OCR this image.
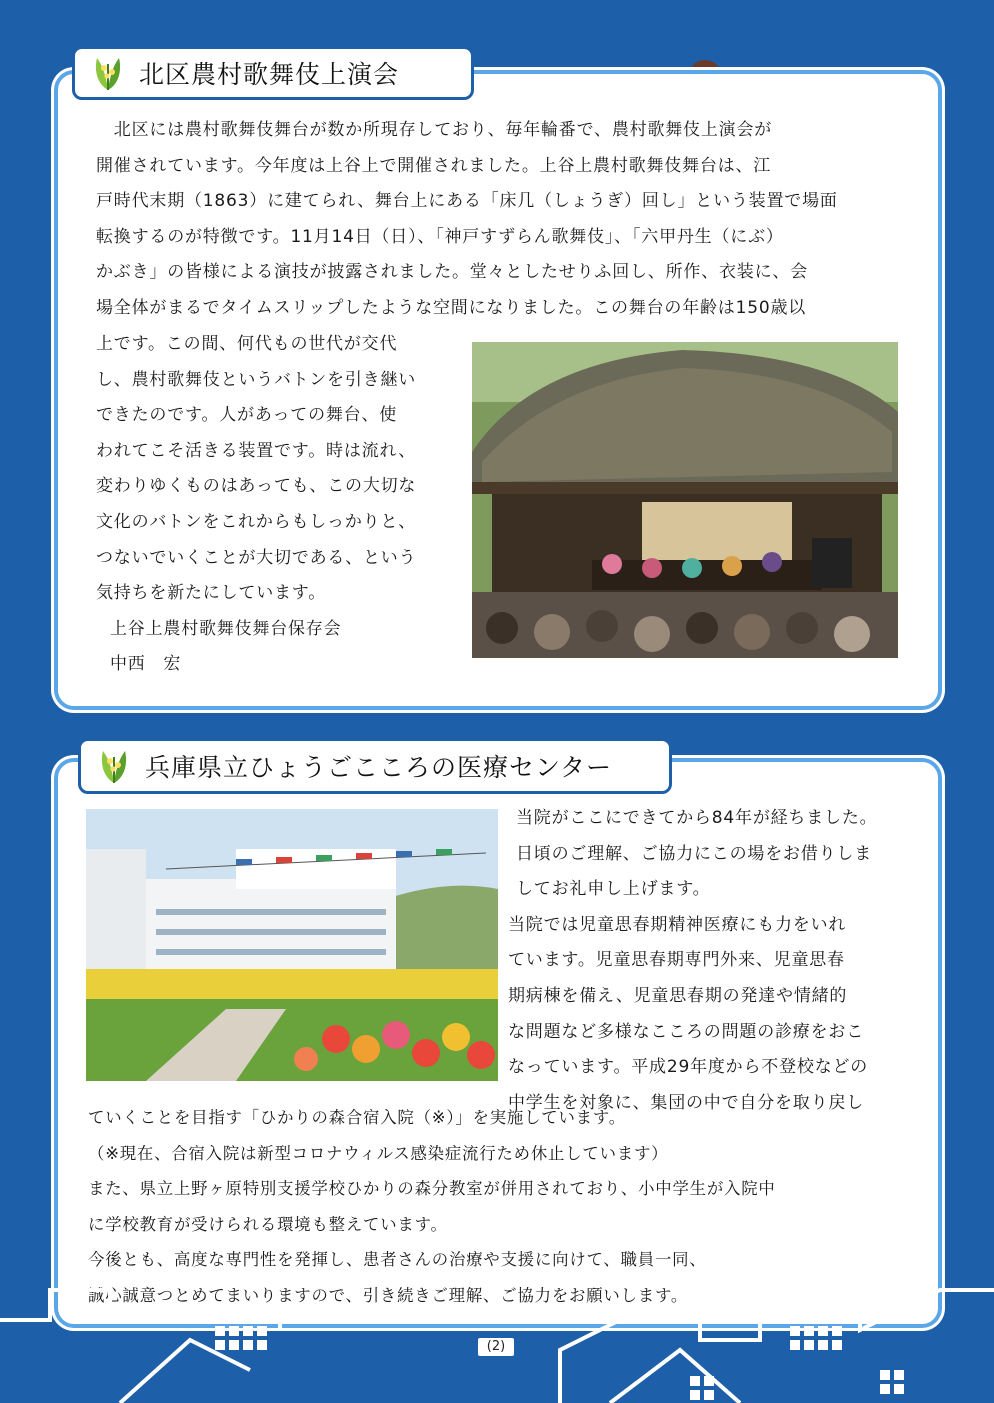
北区農村歌舞伎上演会

　北区には農村歌舞伎舞台が数か所現存しており、毎年輪番で、農村歌舞伎上演会が

開催されています。今年度は上谷上で開催されました。上谷上農村歌舞伎舞台は、江

戸時代末期（1863）に建てられ、舞台上にある「床几（しょうぎ）回し」という装置で場面

転換するのが特徴です。11月14日（日）、「神戸すずらん歌舞伎」、「六甲丹生（にぶ）

かぶき」の皆様による演技が披露されました。堂々としたせりふ回し、所作、衣装に、会

場全体がまるでタイムスリップしたような空間になりました。この舞台の年齢は150歳以

上です。この間、何代もの世代が交代

し、農村歌舞伎というバトンを引き継い

できたのです。人があっての舞台、使

われてこそ活きる装置です。時は流れ、

変わりゆくものはあっても、この大切な

文化のバトンをこれからもしっかりと、

つないでいくことが大切である、という

気持ちを新たにしています。

上谷上農村歌舞伎舞台保存会

中西　宏

兵庫県立ひょうごこころの医療センター

当院がここにできてから84年が経ちました。

日頃のご理解、ご協力にこの場をお借りしま

してお礼申し上げます。

当院では児童思春期精神医療にも力をいれ

ています。児童思春期専門外来、児童思春

期病棟を備え、児童思春期の発達や情緒的

な問題など多様なこころの問題の診療をおこ

なっています。平成29年度から不登校などの

中学生を対象に、集団の中で自分を取り戻し

ていくことを目指す「ひかりの森合宿入院（※）」を実施しています。

（※現在、合宿入院は新型コロナウィルス感染症流行ため休止しています）

また、県立上野ヶ原特別支援学校ひかりの森分教室が併用されており、小中学生が入院中

に学校教育が受けられる環境も整えています。

今後とも、高度な専門性を発揮し、患者さんの治療や支援に向けて、職員一同、

誠心誠意つとめてまいりますので、引き続きご理解、ご協力をお願いします。

(2)
